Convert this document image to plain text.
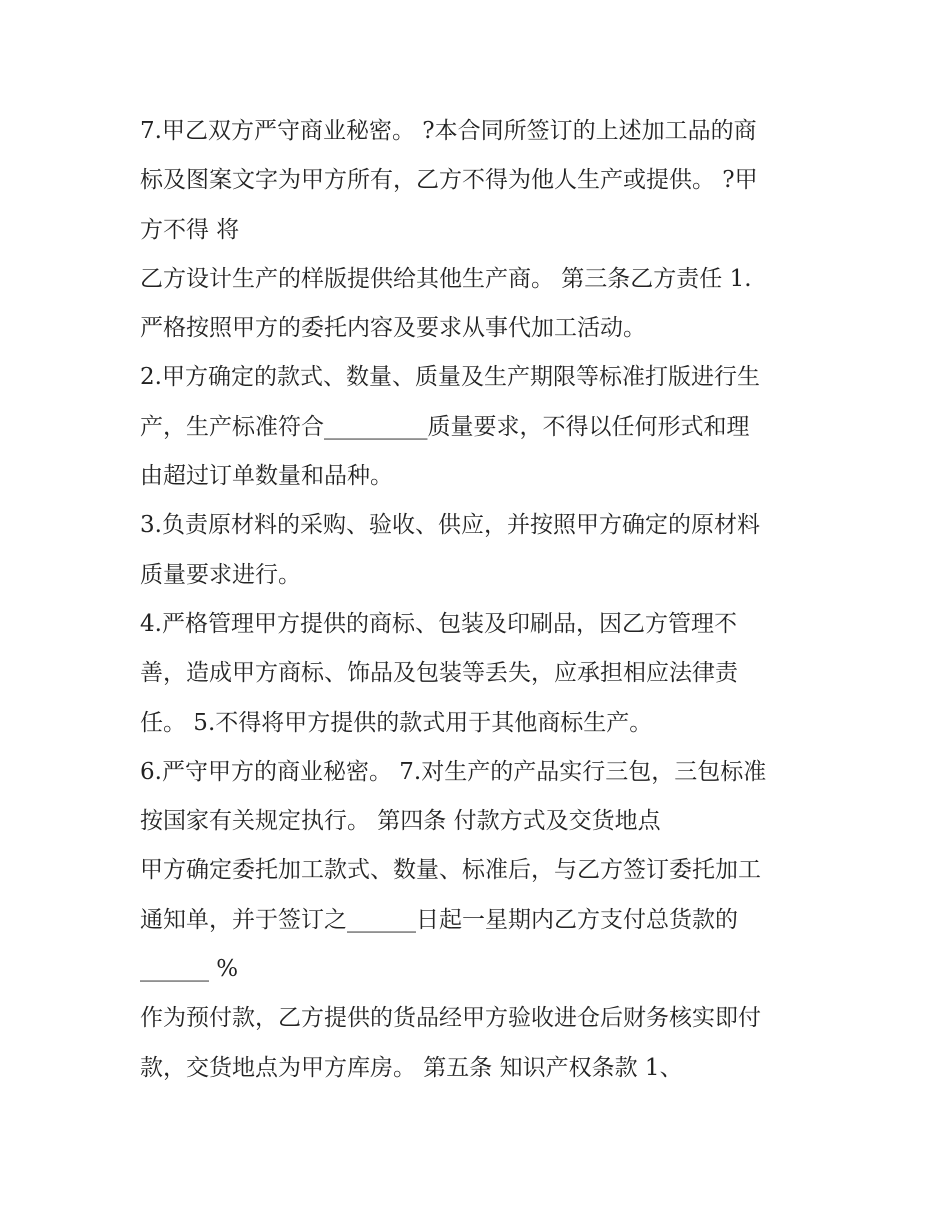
7.甲乙双方严守商业秘密。 ?本合同所签订的上述加工品的商

标及图案文字为甲方所有，乙方不得为他人生产或提供。 ?甲

方不得 将

乙方设计生产的样版提供给其他生产商。 第三条乙方责任 1.

严格按照甲方的委托内容及要求从事代加工活动。

2.甲方确定的款式、数量、质量及生产期限等标准打版进行生

产，生产标准符合_________质量要求，不得以任何形式和理

由超过订单数量和品种。

3.负责原材料的采购、验收、供应，并按照甲方确定的原材料

质量要求进行。

4.严格管理甲方提供的商标、包装及印刷品，因乙方管理不

善，造成甲方商标、饰品及包装等丢失，应承担相应法律责

任。 5.不得将甲方提供的款式用于其他商标生产。

6.严守甲方的商业秘密。 7.对生产的产品实行三包，三包标准

按国家有关规定执行。 第四条 付款方式及交货地点

甲方确定委托加工款式、数量、标准后，与乙方签订委托加工

通知单，并于签订之______日起一星期内乙方支付总货款的

______ %

作为预付款，乙方提供的货品经甲方验收进仓后财务核实即付

款，交货地点为甲方库房。 第五条 知识产权条款 1、
